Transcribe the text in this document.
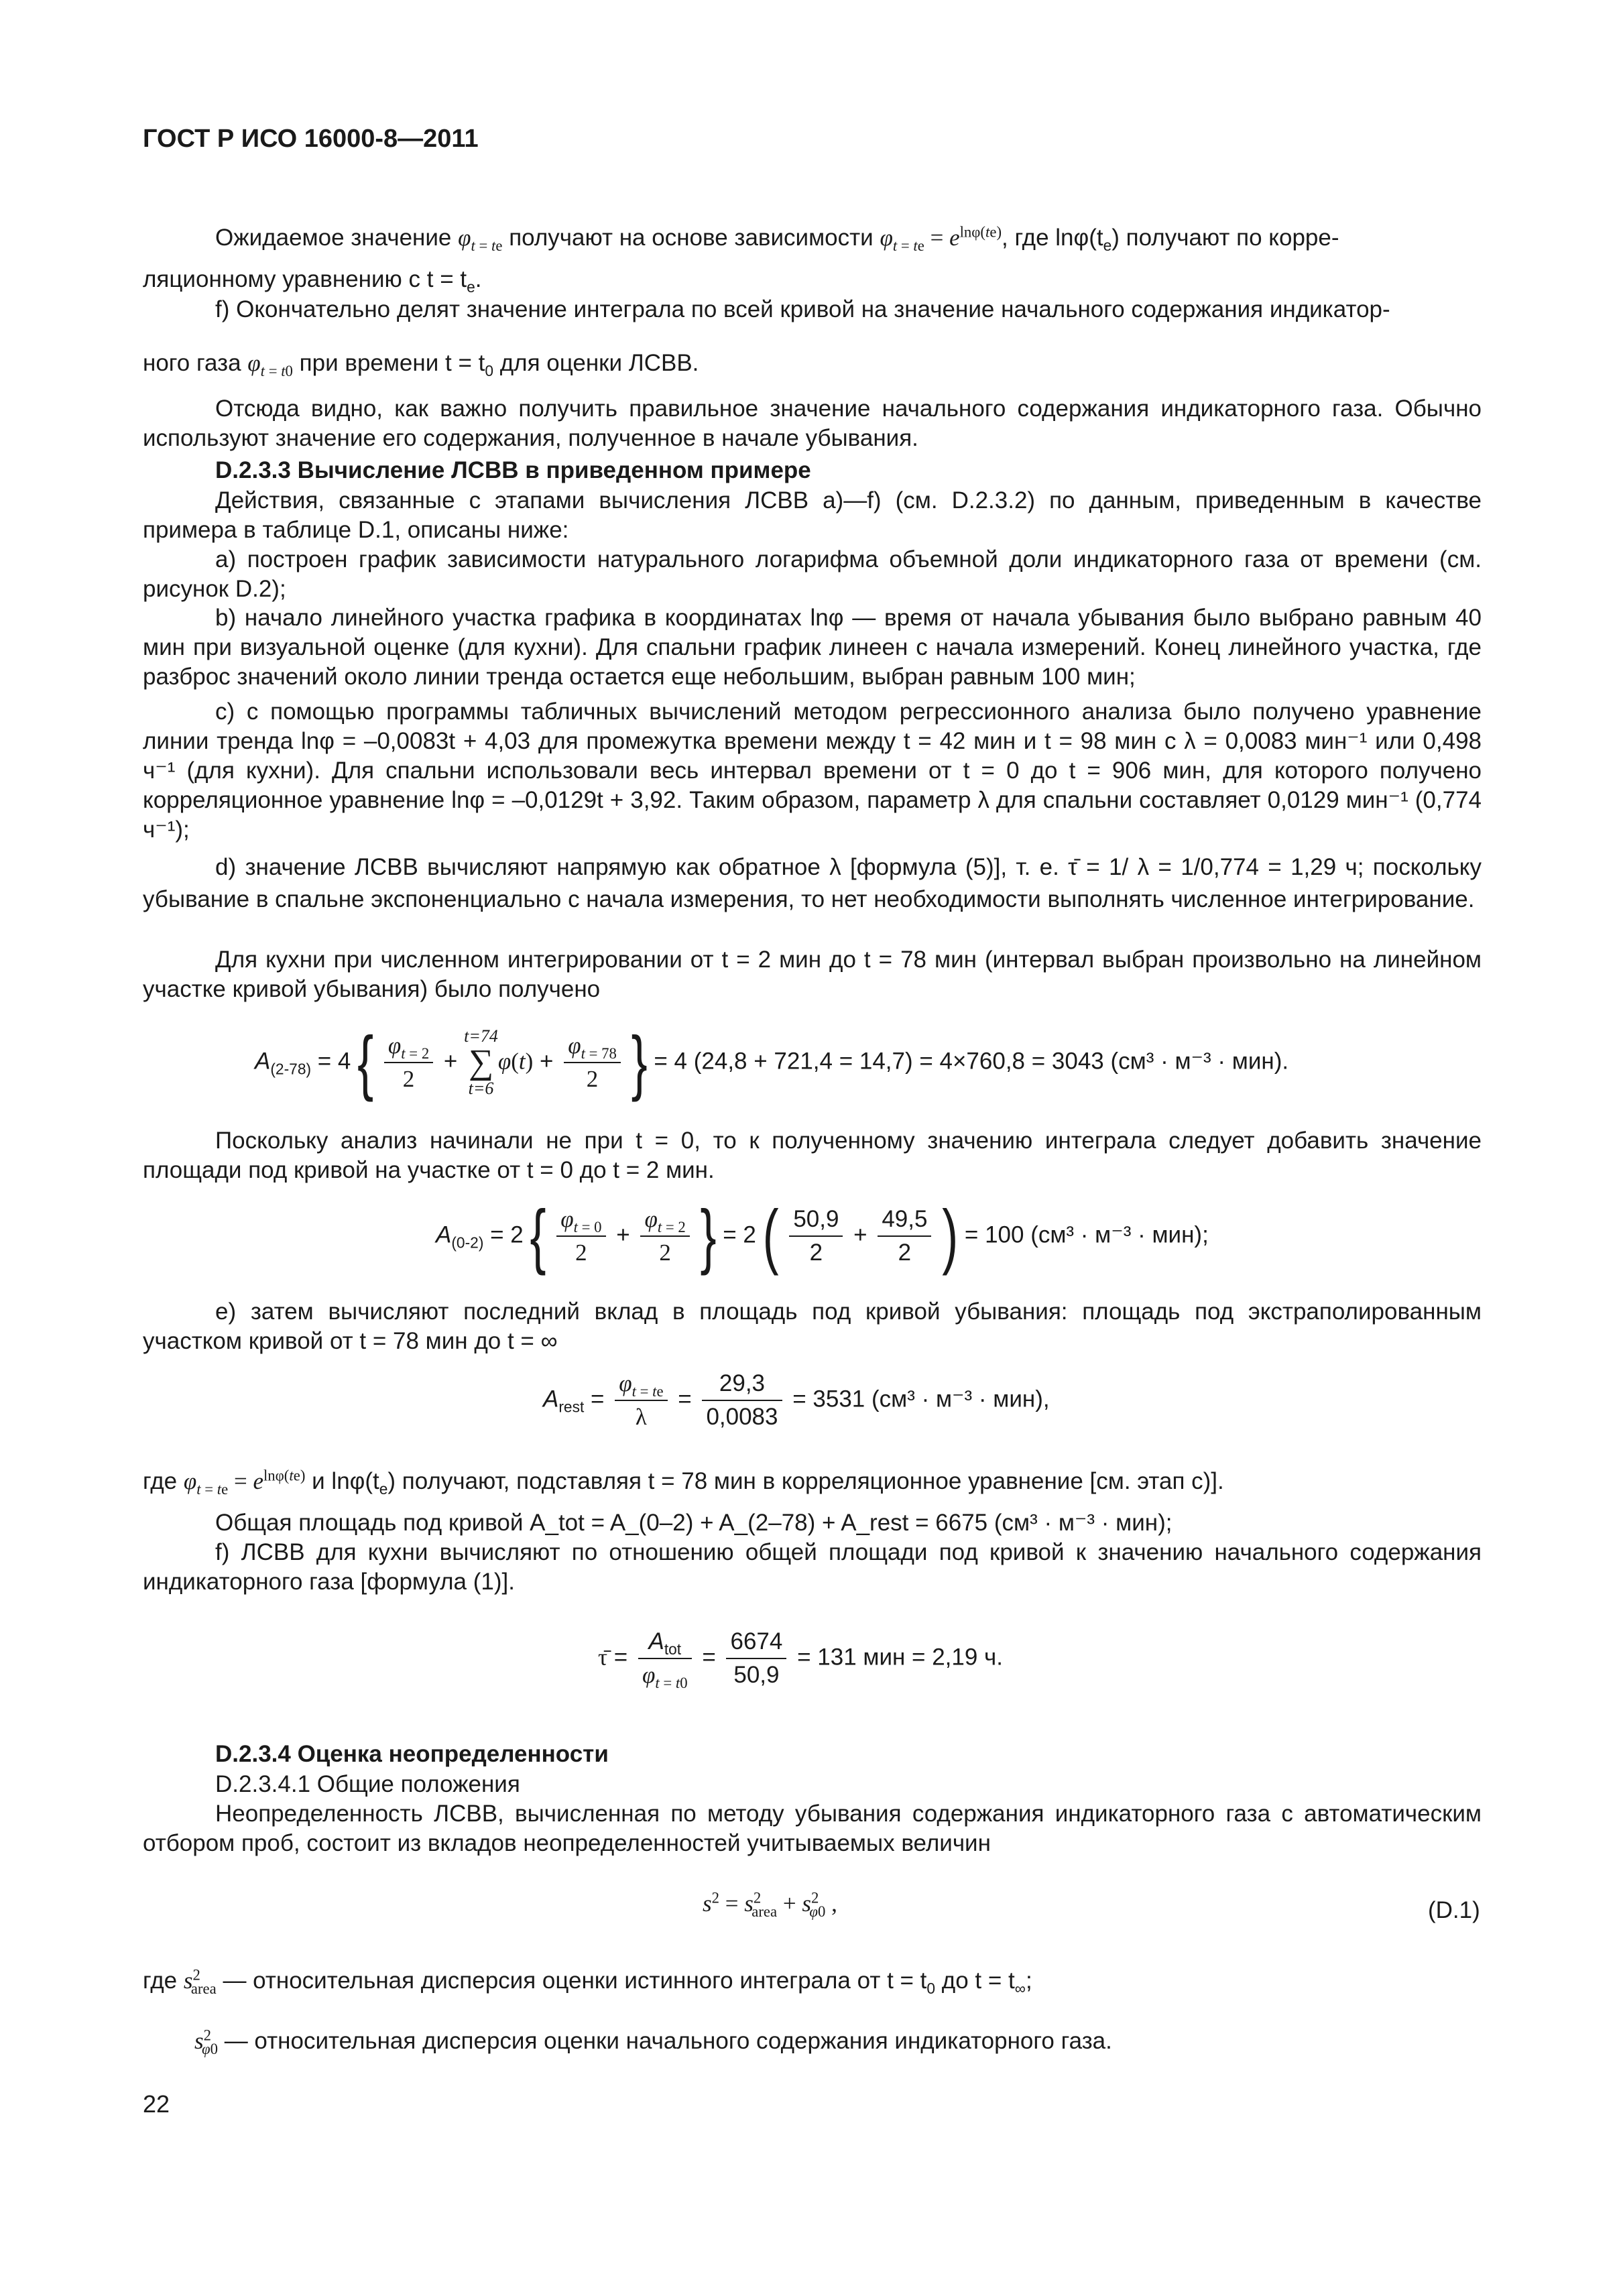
ГОСТ Р ИСО 16000-8—2011
Ожидаемое значение $\varphi_{t = te}$ получают на основе зависимости $\varphi_{t = te} = e^{ln\varphi(te)}$, где $\ln\varphi(t_e)$ получают по корре-
ляционному уравнению с $t = t_e$.
f) Окончательно делят значение интеграла по всей кривой на значение начального содержания индикатор-
ного газа $\varphi_{t = t0}$ при времени $t = t_0$ для оценки ЛСВВ.
Отсюда видно, как важно получить правильное значение начального содержания индикаторного газа. Обычно используют значение его содержания, полученное в начале убывания.
D.2.3.3 Вычисление ЛСВВ в приведенном примере
Действия, связанные с этапами вычисления ЛСВВ a)—f) (см. D.2.3.2) по данным, приведенным в качестве примера в таблице D.1, описаны ниже:
a) построен график зависимости натурального логарифма объемной доли индикаторного газа от времени (см. рисунок D.2);
b) начало линейного участка графика в координатах lnφ — время от начала убывания было выбрано равным 40 мин при визуальной оценке (для кухни). Для спальни график линеен с начала измерений. Конец линейного участка, где разброс значений около линии тренда остается еще небольшим, выбран равным 100 мин;
c) с помощью программы табличных вычислений методом регрессионного анализа было получено уравнение линии тренда lnφ = –0,0083t + 4,03 для промежутка времени между t = 42 мин и t = 98 мин с λ = 0,0083 мин⁻¹ или 0,498 ч⁻¹ (для кухни). Для спальни использовали весь интервал времени от t = 0 до t = 906 мин, для которого получено корреляционное уравнение lnφ = –0,0129t + 3,92. Таким образом, параметр λ для спальни составляет 0,0129 мин⁻¹ (0,774 ч⁻¹);
d) значение ЛСВВ вычисляют напрямую как обратное λ [формула (5)], т. е. τ̄ = 1/ λ = 1/0,774 = 1,29 ч; поскольку убывание в спальне экспоненциально с начала измерения, то нет необходимости выполнять численное интегрирование.
Для кухни при численном интегрировании от t = 2 мин до t = 78 мин (интервал выбран произвольно на линейном участке кривой убывания) было получено
$A_{(2-78)} = 4$ { $\frac{\varphi_{t = 2}}{2}$ +
t=74
∑
t=6
$\varphi(t) + \frac{\varphi_{t = 78}}{2}$ } = 4 (24,8 + 721,4 = 14,7) = 4×760,8 = 3043 (см³ · м⁻³ · мин).
Поскольку анализ начинали не при t = 0, то к полученному значению интеграла следует добавить значение площади под кривой на участке от t = 0 до t = 2 мин.
$A_{(0-2)} = 2$ { $\frac{\varphi_{t = 0}}{2} + \frac{\varphi_{t = 2}}{2}$ } = 2 ( $\frac{50,9}{2} + \frac{49,5}{2}$ ) = 100 (см³ · м⁻³ · мин);
e) затем вычисляют последний вклад в площадь под кривой убывания: площадь под экстраполированным участком кривой от t = 78 мин до t = ∞
$A_{rest} = \frac{\varphi_{t = te}}{\lambda} = \frac{29,3}{0,0083} = 3531$ (см³ · м⁻³ · мин),
где $\varphi_{t = te} = e^{ln\varphi(te)}$ и $\ln\varphi(t_e)$ получают, подставляя t = 78 мин в корреляционное уравнение [см. этап c)].
Общая площадь под кривой A_tot = A_(0–2) + A_(2–78) + A_rest = 6675 (см³ · м⁻³ · мин);
f) ЛСВВ для кухни вычисляют по отношению общей площади под кривой к значению начального содержания индикаторного газа [формула (1)].
τ̄ = $\frac{A_{tot}}{\varphi_{t = t0}} = \frac{6674}{50,9} = 131$ мин = 2,19 ч.
D.2.3.4 Оценка неопределенности
D.2.3.4.1 Общие положения
Неопределенность ЛСВВ, вычисленная по методу убывания содержания индикаторного газа с автоматическим отбором проб, состоит из вкладов неопределенностей учитываемых величин
$s^2 = s^2_{area} + s^2_{\varphi 0}$ ,	(D.1)
где $s^2_{area}$ — относительная дисперсия оценки истинного интеграла от $t = t_0$ до $t = t_\infty$;
$s^2_{\varphi 0}$ — относительная дисперсия оценки начального содержания индикаторного газа.
22
